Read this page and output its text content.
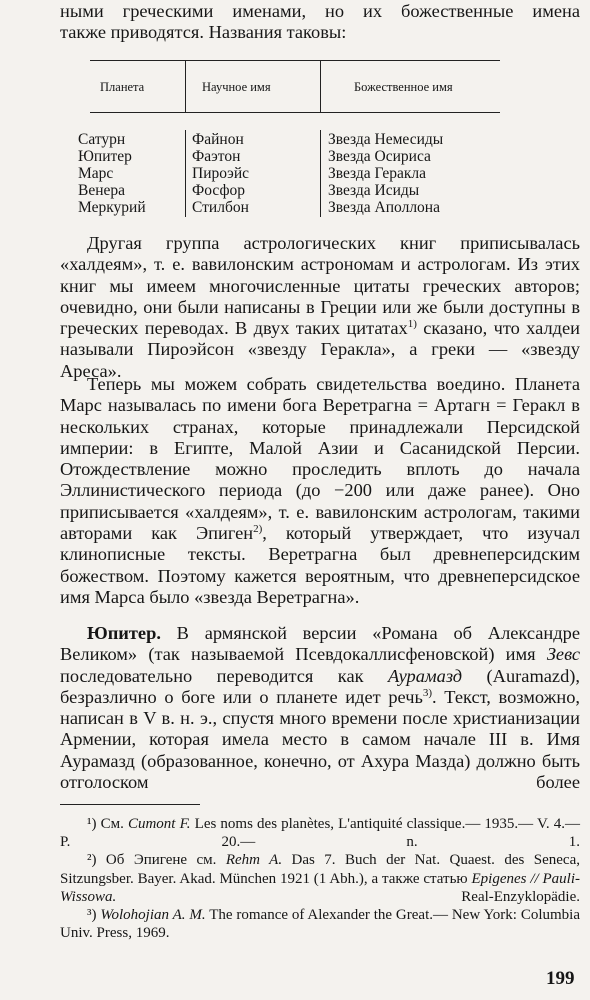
ными греческими именами, но их божественные имена

также приводятся. Названия таковы:

Планета	Научное имя	Божественное имя
Сатурн	Файнон	Звезда Немесиды
Юпитер	Фаэтон	Звезда Осириса
Марс	Пироэйс	Звезда Геракла
Венера	Фосфор	Звезда Исиды
Меркурий	Стилбон	Звезда Аполлона

Другая группа астрологических книг приписывалась «халдеям», т. е. вавилонским астрономам и астрологам. Из этих книг мы имеем многочисленные цитаты греческих авторов; очевидно, они были написаны в Греции или же были доступны в греческих переводах. В двух таких цитатах$^{1)}$ сказано, что халдеи называли Пироэйсон «звезду Геракла», а греки — «звезду Ареса».

Теперь мы можем собрать свидетельства воедино. Планета Марс называлась по имени бога Веретрагна = Артагн = Геракл в нескольких странах, которые принадлежали Персидской империи: в Египте, Малой Азии и Сасанидской Персии. Отождествление можно проследить вплоть до начала Эллинистического периода (до −200 или даже ранее). Оно приписывается «халдеям», т. е. вавилонским астрологам, такими авторами как Эпиген$^{2)}$, который утверждает, что изучал клинописные тексты. Веретрагна был древнеперсидским божеством. Поэтому кажется вероятным, что древнеперсидское имя Марса было «звезда Веретрагна».

Юпитер. В армянской версии «Романа об Александре Великом» (так называемой Псевдокаллисфеновской) имя Зевс последовательно переводится как Аурамазд (Auramazd), безразлично о боге или о планете идет речь$^{3)}$. Текст, возможно, написан в V в. н. э., спустя много времени после христианизации Армении, которая имела место в самом начале III в. Имя Аурамазд (образованное, конечно, от Ахура Мазда) должно быть отголоском более

¹) См. Cumont F. Les noms des planètes, L'antiquité classique.— 1935.— V. 4.— P. 20.— n. 1.

²) Об Эпигене см. Rehm A. Das 7. Buch der Nat. Quaest. des Seneca, Sitzungsber. Bayer. Akad. München 1921 (1 Abh.), а также статью Epigenes // Pauli-Wissowa. Real-Enzyklopädie.

³) Wolohojian A. M. The romance of Alexander the Great.— New York: Columbia Univ. Press, 1969.

199
